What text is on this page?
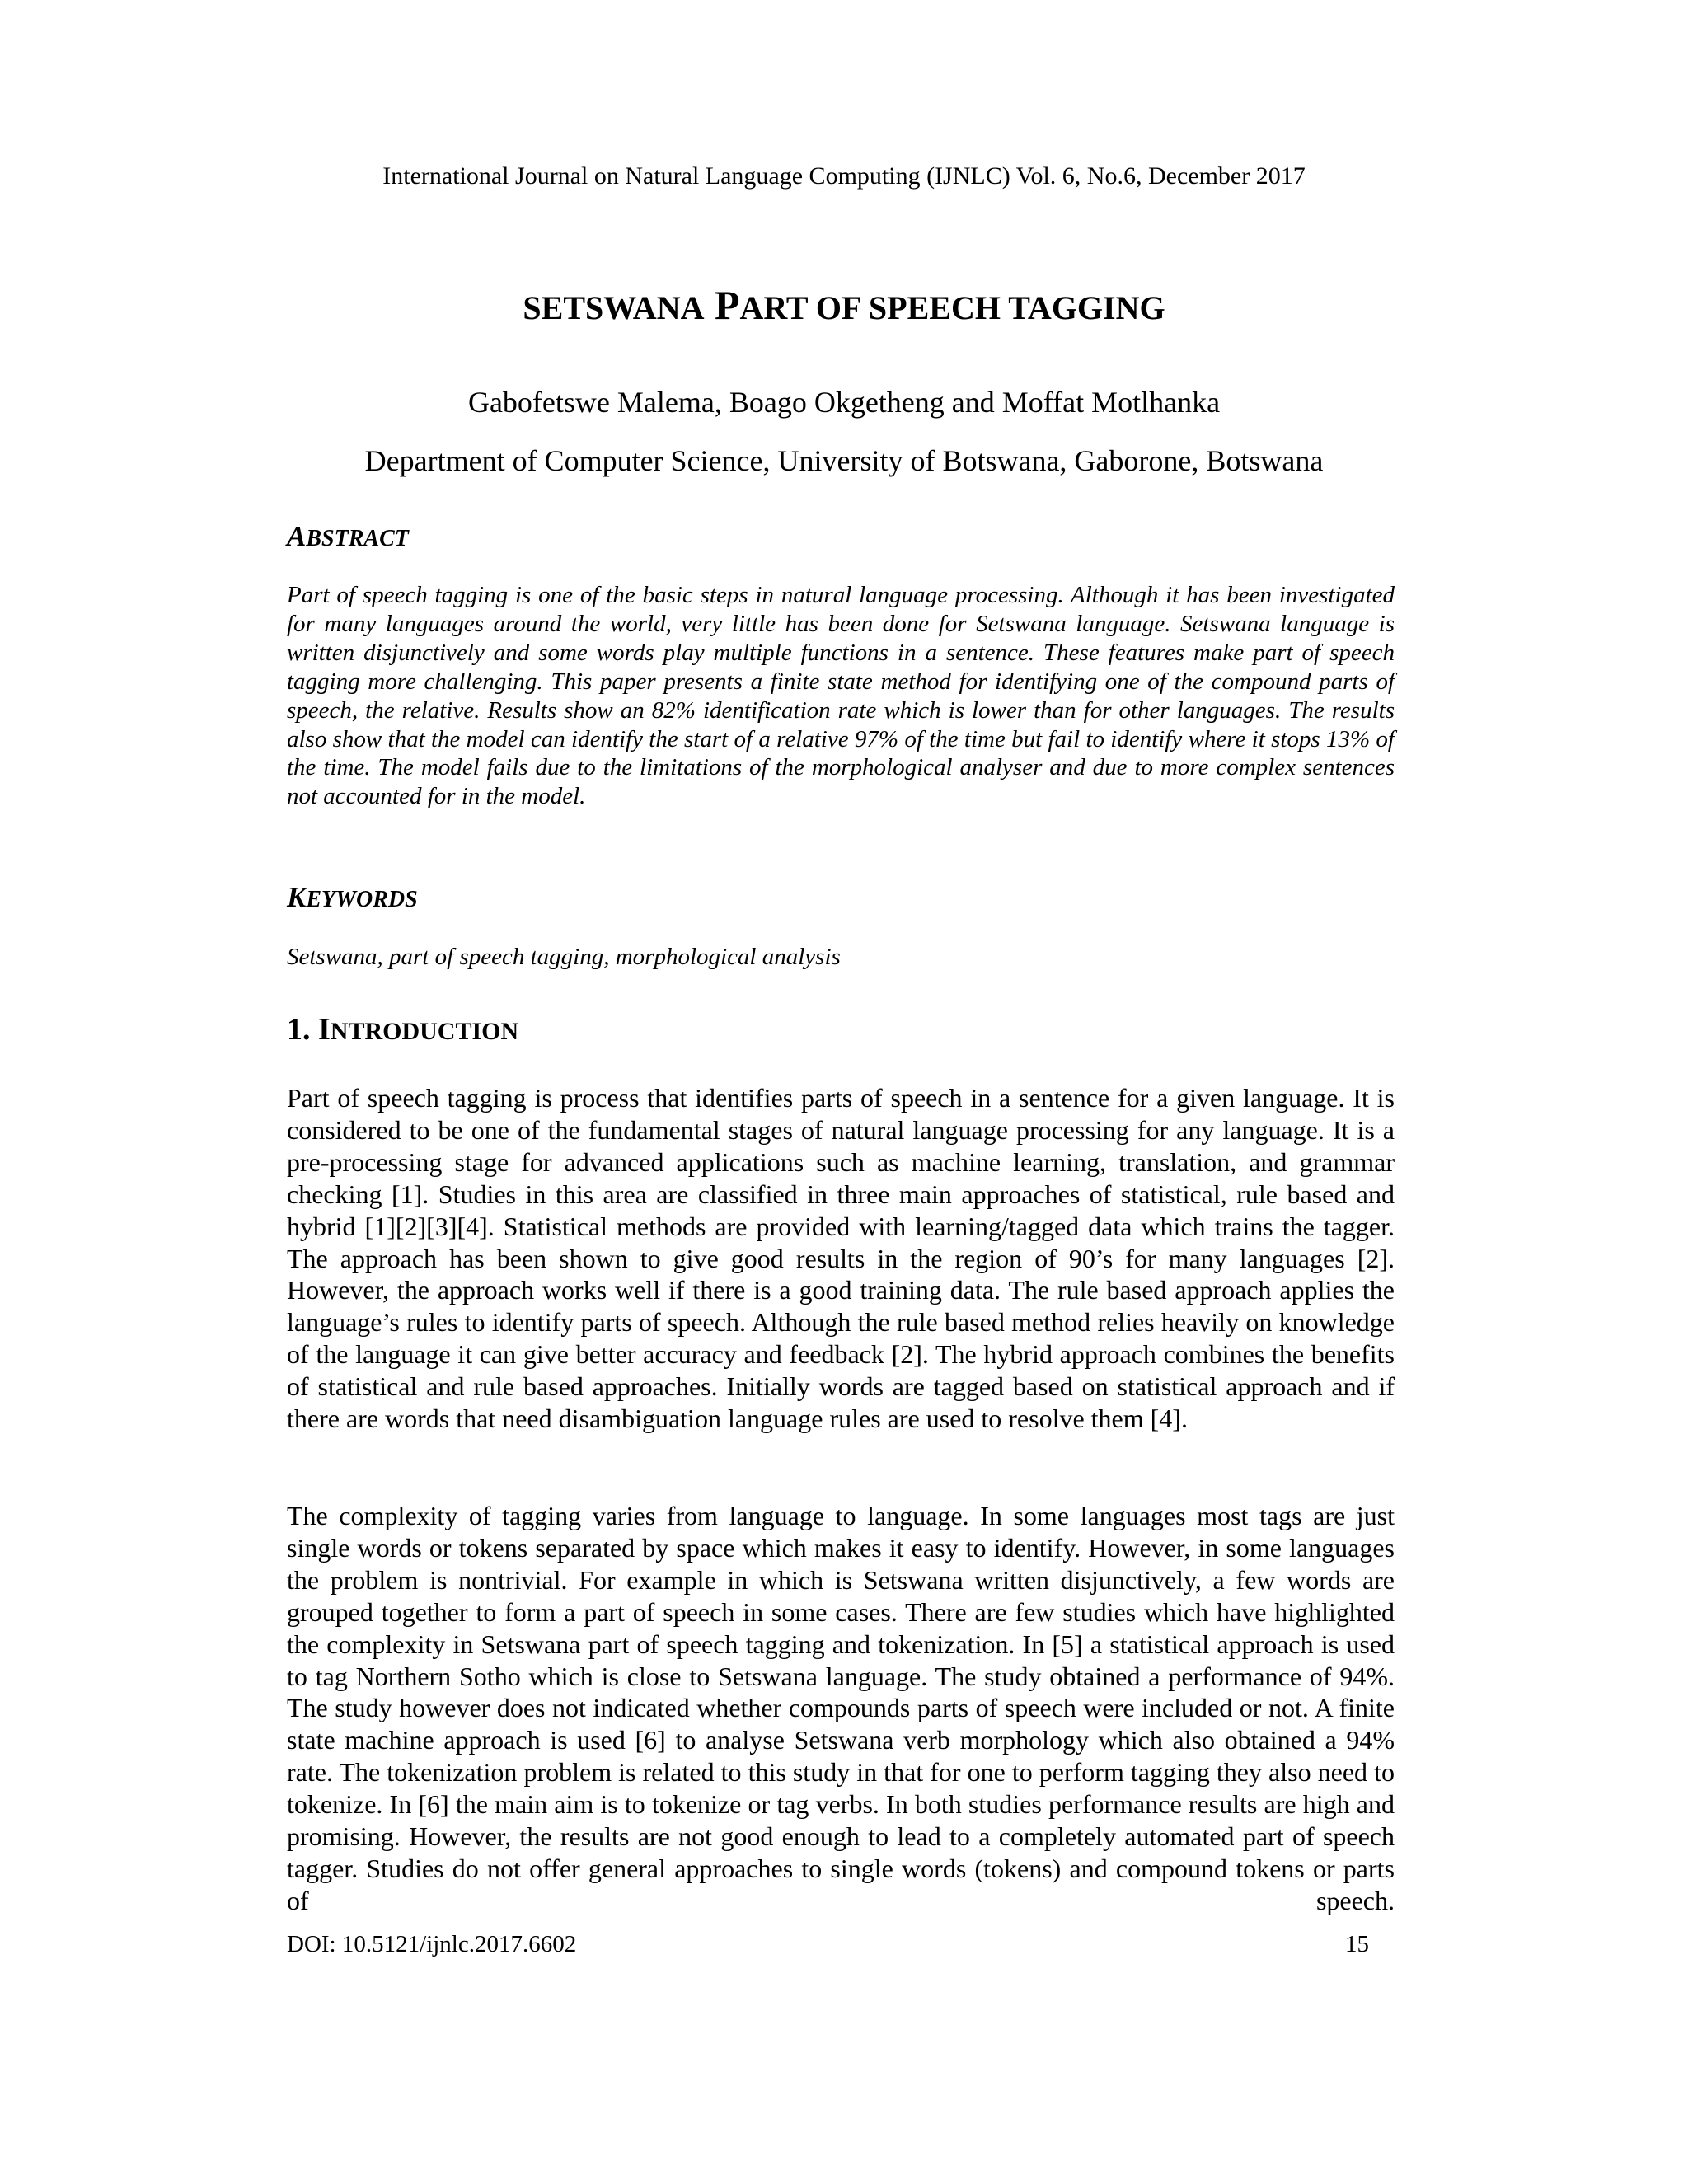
International Journal on Natural Language Computing (IJNLC) Vol. 6, No.6, December 2017
SETSWANA PART OF SPEECH TAGGING
Gabofetswe Malema, Boago Okgetheng and Moffat Motlhanka
Department of Computer Science, University of Botswana, Gaborone, Botswana
ABSTRACT
Part of speech tagging is one of the basic steps in natural language processing. Although it has been investigated for many languages around the world, very little has been done for Setswana language. Setswana language is written disjunctively and some words play multiple functions in a sentence. These features make part of speech tagging more challenging. This paper presents a finite state method for identifying one of the compound parts of speech, the relative. Results show an 82% identification rate which is lower than for other languages. The results also show that the model can identify the start of a relative 97% of the time but fail to identify where it stops 13% of the time. The model fails due to the limitations of the morphological analyser and due to more complex sentences not accounted for in the model.
KEYWORDS
Setswana, part of speech tagging, morphological analysis
1. INTRODUCTION

Part of speech tagging is process that identifies parts of speech in a sentence for a given language. It is considered to be one of the fundamental stages of natural language processing for any language. It is a pre-processing stage for advanced applications such as machine learning, translation, and grammar checking [1]. Studies in this area are classified in three main approaches of statistical, rule based and hybrid [1][2][3][4]. Statistical methods are provided with learning/tagged data which trains the tagger. The approach has been shown to give good results in the region of 90’s for many languages [2]. However, the approach works well if there is a good training data. The rule based approach applies the language’s rules to identify parts of speech. Although the rule based method relies heavily on knowledge of the language it can give better accuracy and feedback [2]. The hybrid approach combines the benefits of statistical and rule based approaches. Initially words are tagged based on statistical approach and if there are words that need disambiguation language rules are used to resolve them [4].

The complexity of tagging varies from language to language. In some languages most tags are just single words or tokens separated by space which makes it easy to identify. However, in some languages the problem is nontrivial. For example in which is Setswana written disjunctively, a few words are grouped together to form a part of speech in some cases. There are few studies which have highlighted the complexity in Setswana part of speech tagging and tokenization. In [5] a statistical approach is used to tag Northern Sotho which is close to Setswana language. The study obtained a performance of 94%. The study however does not indicated whether compounds parts of speech were included or not. A finite state machine approach is used [6] to analyse Setswana verb morphology which also obtained a 94% rate. The tokenization problem is related to this study in that for one to perform tagging they also need to tokenize. In [6] the main aim is to tokenize or tag verbs. In both studies performance results are high and promising. However, the results are not good enough to lead to a completely automated part of speech tagger. Studies do not offer general approaches to single words (tokens) and compound tokens or parts of speech.

DOI: 10.5121/ijnlc.2017.6602	15
